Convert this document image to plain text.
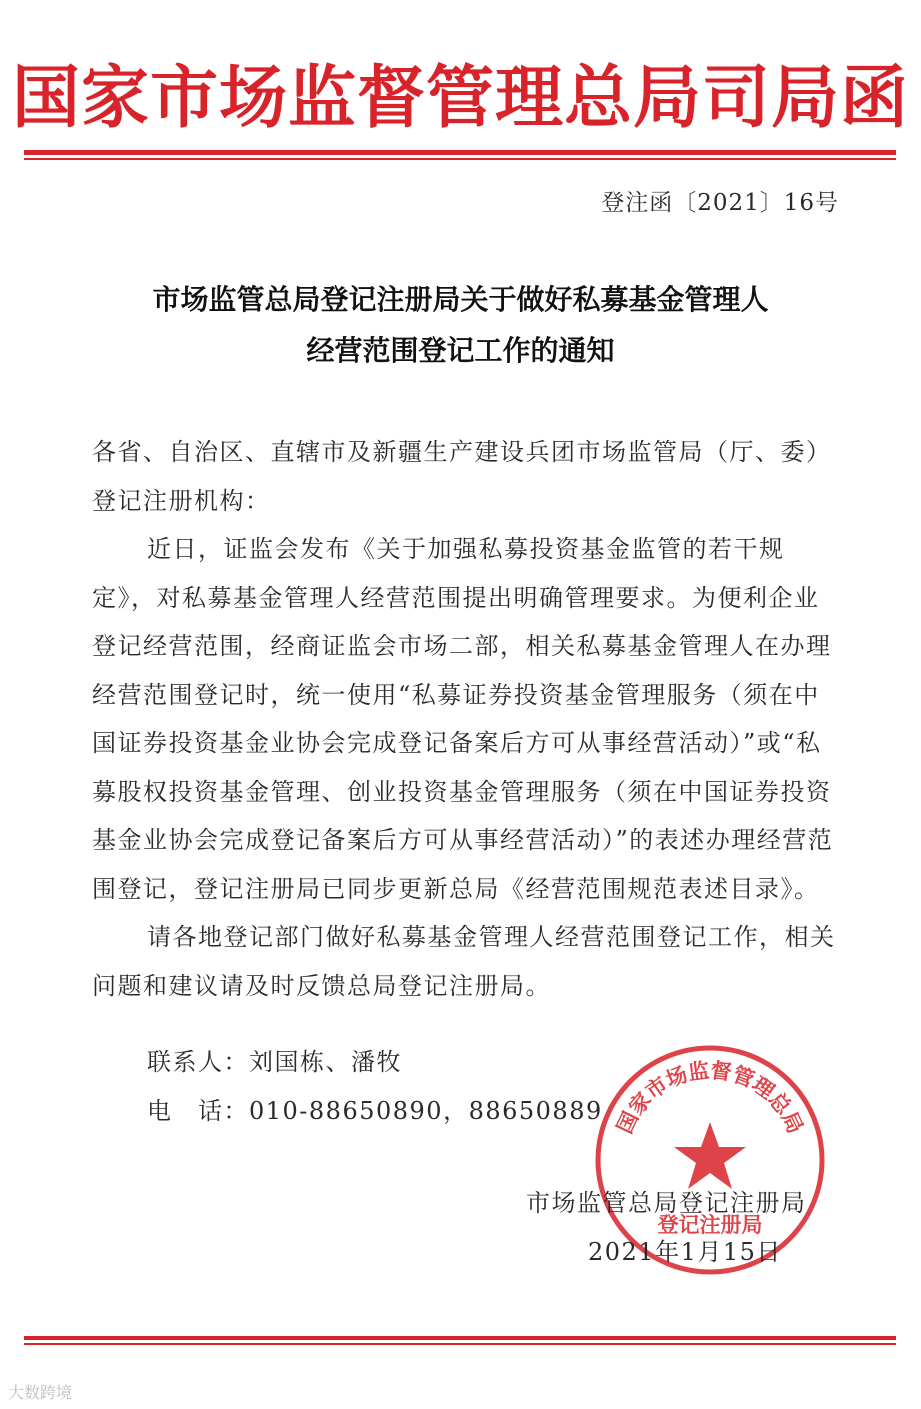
国家市场监督管理总局司局函
登注函〔2021〕16号
市场监管总局登记注册局关于做好私募基金管理人
经营范围登记工作的通知

各省、自治区、直辖市及新疆生产建设兵团市场监管局（厅、委）登记注册机构：

近日，证监会发布《关于加强私募投资基金监管的若干规定》，对私募基金管理人经营范围提出明确管理要求。为便利企业登记经营范围，经商证监会市场二部，相关私募基金管理人在办理经营范围登记时，统一使用“私募证券投资基金管理服务（须在中国证券投资基金业协会完成登记备案后方可从事经营活动）”或“私募股权投资基金管理、创业投资基金管理服务（须在中国证券投资基金业协会完成登记备案后方可从事经营活动）”的表述办理经营范围登记，登记注册局已同步更新总局《经营范围规范表述目录》。

请各地登记部门做好私募基金管理人经营范围登记工作，相关问题和建议请及时反馈总局登记注册局。

联系人：刘国栋、潘牧
电　话：010-88650890，88650889 国家市场监督管理总局
登记注册局
市场监管总局登记注册局
2021年1月15日
大数跨境
